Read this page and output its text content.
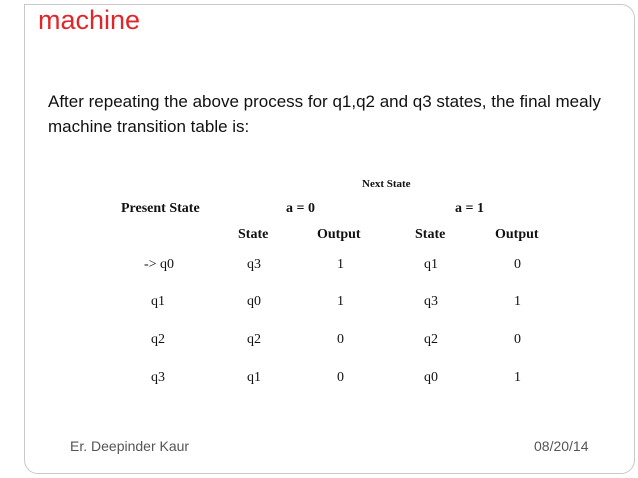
machine
After repeating the above process for q1,q2 and q3 states, the final mealy machine transition table is:
Next State
Present State	a = 0	a = 1
State	Output	State	Output
-> q0	q3	1	q1	0
q1	q0	1	q3	1
q2	q2	0	q2	0
q3	q1	0	q0	1
Er. Deepinder Kaur	08/20/14
